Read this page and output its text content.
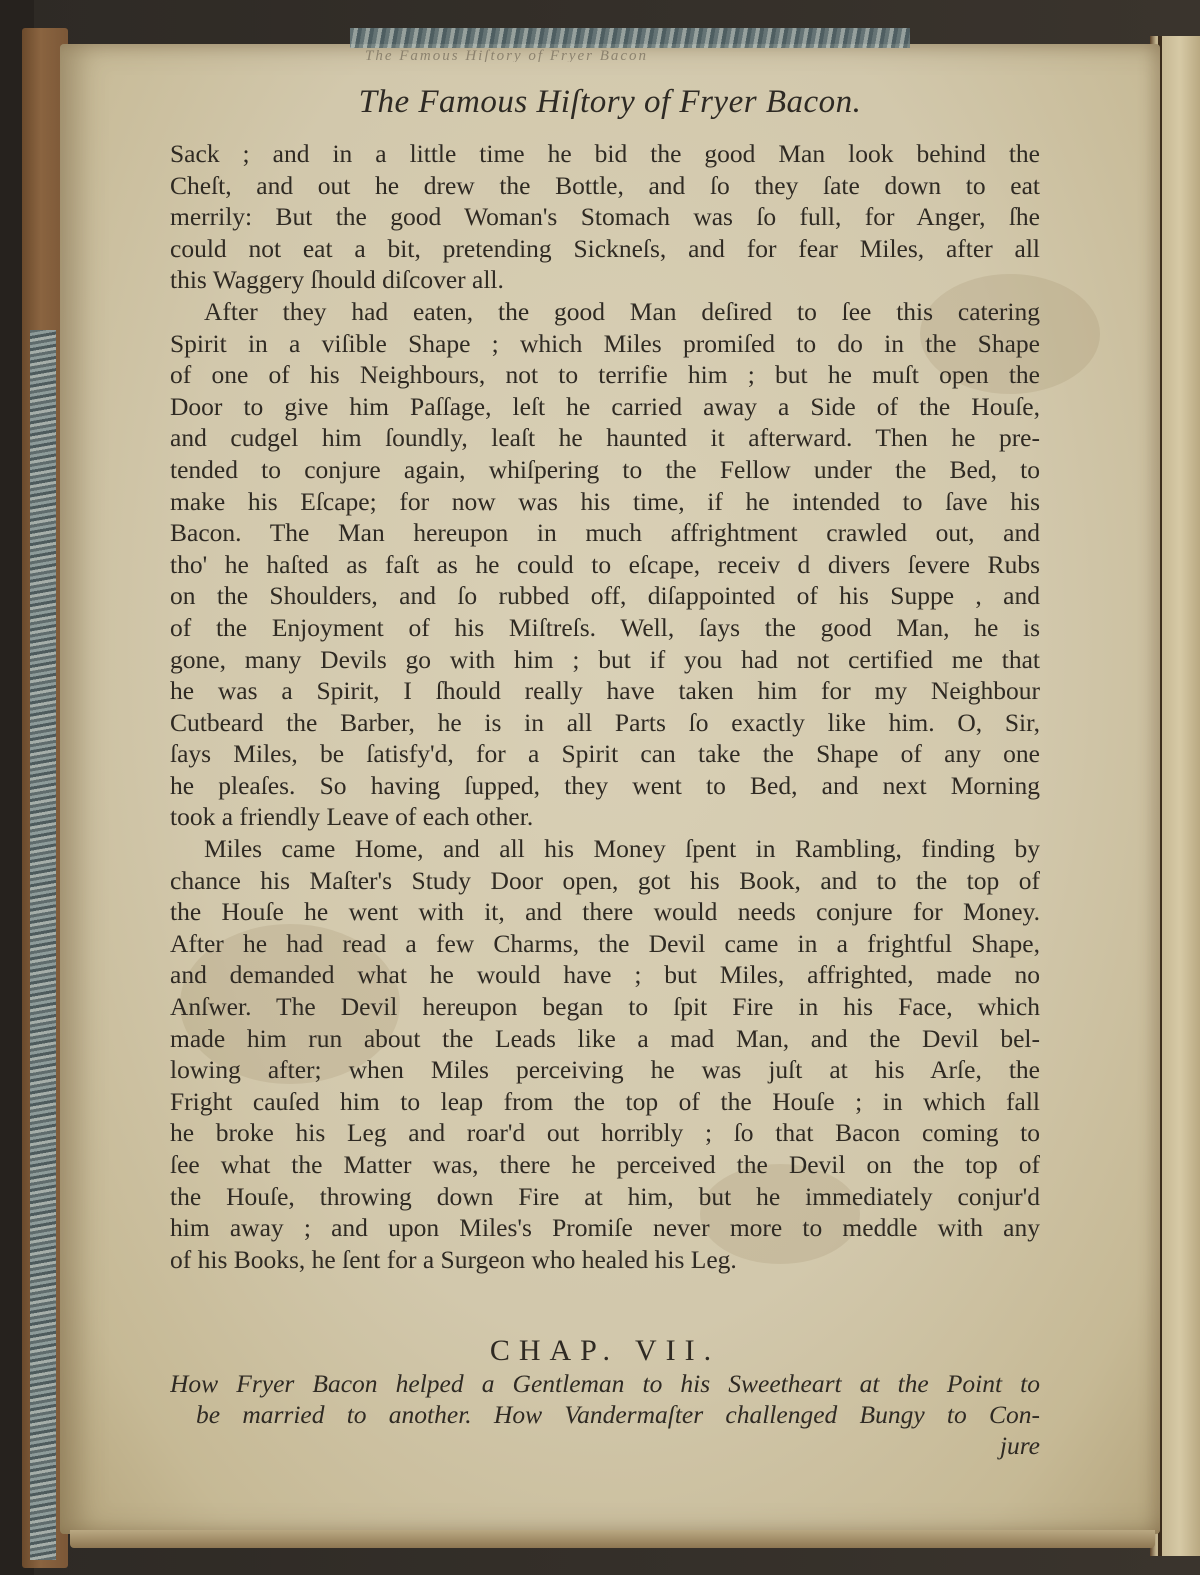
The Famous Hiſtory of Fryer Bacon
The Famous Hiſtory of Fryer Bacon.
Sack ; and in a little time he bid the good Man look behind the
Cheſt, and out he drew the Bottle, and ſo they ſate down to eat
merrily: But the good Woman's Stomach was ſo full, for Anger, ſhe
could not eat a bit, pretending Sickneſs, and for fear Miles, after all
this Waggery ſhould diſcover all.
After they had eaten, the good Man deſired to ſee this catering
Spirit in a viſible Shape ; which Miles promiſed to do in the Shape
of one of his Neighbours, not to terrifie him ; but he muſt open the
Door to give him Paſſage, leſt he carried away a Side of the Houſe,
and cudgel him ſoundly, leaſt he haunted it afterward. Then he pre-
tended to conjure again, whiſpering to the Fellow under the Bed, to
make his Eſcape; for now was his time, if he intended to ſave his
Bacon. The Man hereupon in much affrightment crawled out, and
tho' he haſted as faſt as he could to eſcape, receiv d divers ſevere Rubs
on the Shoulders, and ſo rubbed off, diſappointed of his Suppe , and
of the Enjoyment of his Miſtreſs. Well, ſays the good Man, he is
gone, many Devils go with him ; but if you had not certified me that
he was a Spirit, I ſhould really have taken him for my Neighbour
Cutbeard the Barber, he is in all Parts ſo exactly like him. O, Sir,
ſays Miles, be ſatisfy'd, for a Spirit can take the Shape of any one
he pleaſes. So having ſupped, they went to Bed, and next Morning
took a friendly Leave of each other.
Miles came Home, and all his Money ſpent in Rambling, finding by
chance his Maſter's Study Door open, got his Book, and to the top of
the Houſe he went with it, and there would needs conjure for Money.
After he had read a few Charms, the Devil came in a frightful Shape,
and demanded what he would have ; but Miles, affrighted, made no
Anſwer. The Devil hereupon began to ſpit Fire in his Face, which
made him run about the Leads like a mad Man, and the Devil bel-
lowing after; when Miles perceiving he was juſt at his Arſe, the
Fright cauſed him to leap from the top of the Houſe ; in which fall
he broke his Leg and roar'd out horribly ; ſo that Bacon coming to
ſee what the Matter was, there he perceived the Devil on the top of
the Houſe, throwing down Fire at him, but he immediately conjur'd
him away ; and upon Miles's Promiſe never more to meddle with any
of his Books, he ſent for a Surgeon who healed his Leg.
CHAP. VII.
How Fryer Bacon helped a Gentleman to his Sweetheart at the Point to
be married to another. How Vandermaſter challenged Bungy to Con-
jure
